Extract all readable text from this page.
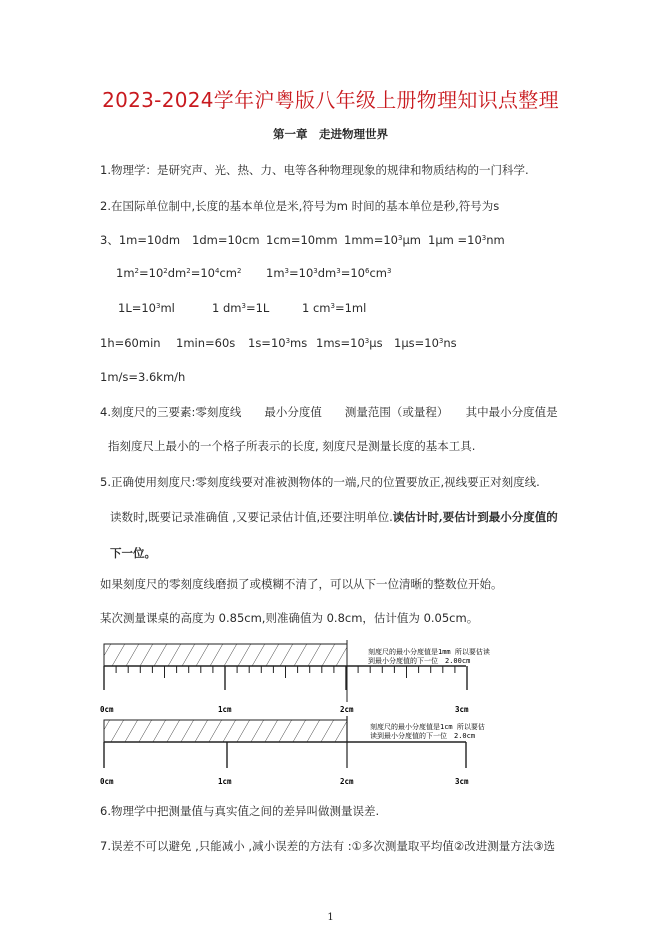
2023-2024学年沪粤版八年级上册物理知识点整理
第一章　走进物理世界
1.物理学：是研究声、光、热、力、电等各种物理现象的规律和物质结构的一门科学.
2.在国际单位制中,长度的基本单位是米,符号为m 时间的基本单位是秒,符号为s
3、1m=10dm 1dm=10cm 1cm=10mm $1mm=10^3\mu m$ $1\mu m =10^3nm$
$1m^2=10^2dm^2=10^4cm^2$ $1m^3=10^3dm^3=10^6cm^3$
$1L=10^3ml$	1 $dm^3=1L$	1 $cm^3=1ml$
1h=60min 1min=60s $1s=10^3ms$ $1ms=10^3\mu s$ $1\mu s=10^3ns$
1m/s=3.6km/h
4.刻度尺的三要素:零刻度线　　最小分度值　　测量范围（或量程）　　其中最小分度值是
指刻度尺上最小的一个格子所表示的长度, 刻度尺是测量长度的基本工具.
5.正确使用刻度尺:零刻度线要对准被测物体的一端,尺的位置要放正,视线要正对刻度线.
读数时,既要记录准确值 ,又要记录估计值,还要注明单位.读估计时,要估计到最小分度值的
下一位。
如果刻度尺的零刻度线磨损了或模糊不清了，可以从下一位清晰的整数位开始。
某次测量课桌的高度为 0.85cm,则准确值为 0.8cm，估计值为 0.05cm。
0cm	1cm	2cm	3cm
刻度尺的最小分度值是1mm 所以要估读
到最小分度值的下一位　2.00cm
0cm	1cm	2cm	3cm
刻度尺的最小分度值是1cm 所以要估
读到最小分度值的下一位　2.0cm
6.物理学中把测量值与真实值之间的差异叫做测量误差.
7.误差不可以避免 ,只能减小 ,减小误差的方法有 :①多次测量取平均值②改进测量方法③选
1
